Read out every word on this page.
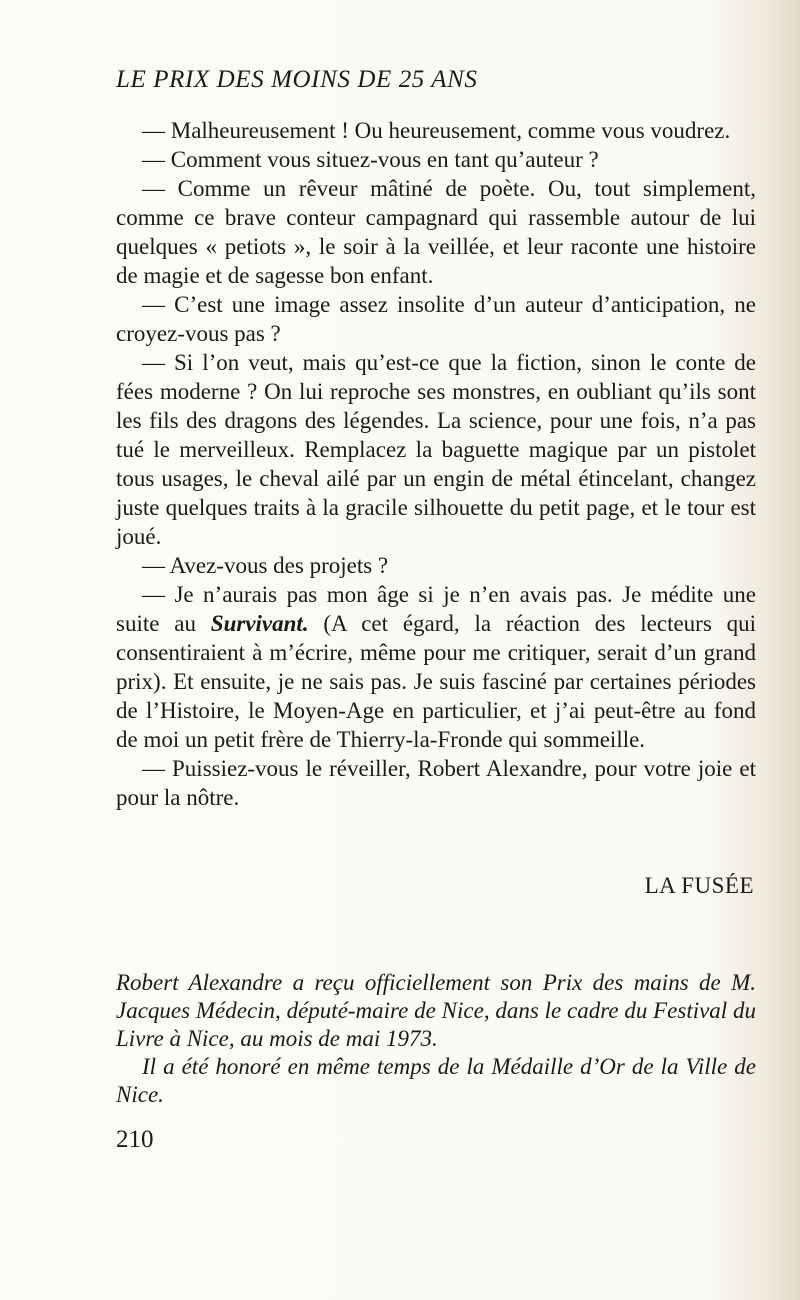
LE PRIX DES MOINS DE 25 ANS

— Malheureusement ! Ou heureusement, comme vous voudrez.

— Comment vous situez-vous en tant qu’auteur ?

— Comme un rêveur mâtiné de poète. Ou, tout simplement, comme ce brave conteur campagnard qui rassemble autour de lui quelques « petiots », le soir à la veillée, et leur raconte une histoire de magie et de sagesse bon enfant.

— C’est une image assez insolite d’un auteur d’anticipation, ne croyez-vous pas ?

— Si l’on veut, mais qu’est-ce que la fiction, sinon le conte de fées moderne ? On lui reproche ses monstres, en oubliant qu’ils sont les fils des dragons des légendes. La science, pour une fois, n’a pas tué le merveilleux. Remplacez la baguette magique par un pistolet tous usages, le cheval ailé par un engin de métal étincelant, changez juste quelques traits à la gracile silhouette du petit page, et le tour est joué.

— Avez-vous des projets ?

— Je n’aurais pas mon âge si je n’en avais pas. Je médite une suite au Survivant. (A cet égard, la réaction des lecteurs qui consentiraient à m’écrire, même pour me critiquer, serait d’un grand prix). Et ensuite, je ne sais pas. Je suis fasciné par certaines périodes de l’Histoire, le Moyen-Age en particulier, et j’ai peut-être au fond de moi un petit frère de Thierry-la-Fronde qui sommeille.

— Puissiez-vous le réveiller, Robert Alexandre, pour votre joie et pour la nôtre.

LA FUSÉE

Robert Alexandre a reçu officiellement son Prix des mains de M. Jacques Médecin, député-maire de Nice, dans le cadre du Festival du Livre à Nice, au mois de mai 1973.

Il a été honoré en même temps de la Médaille d’Or de la Ville de Nice.

210
